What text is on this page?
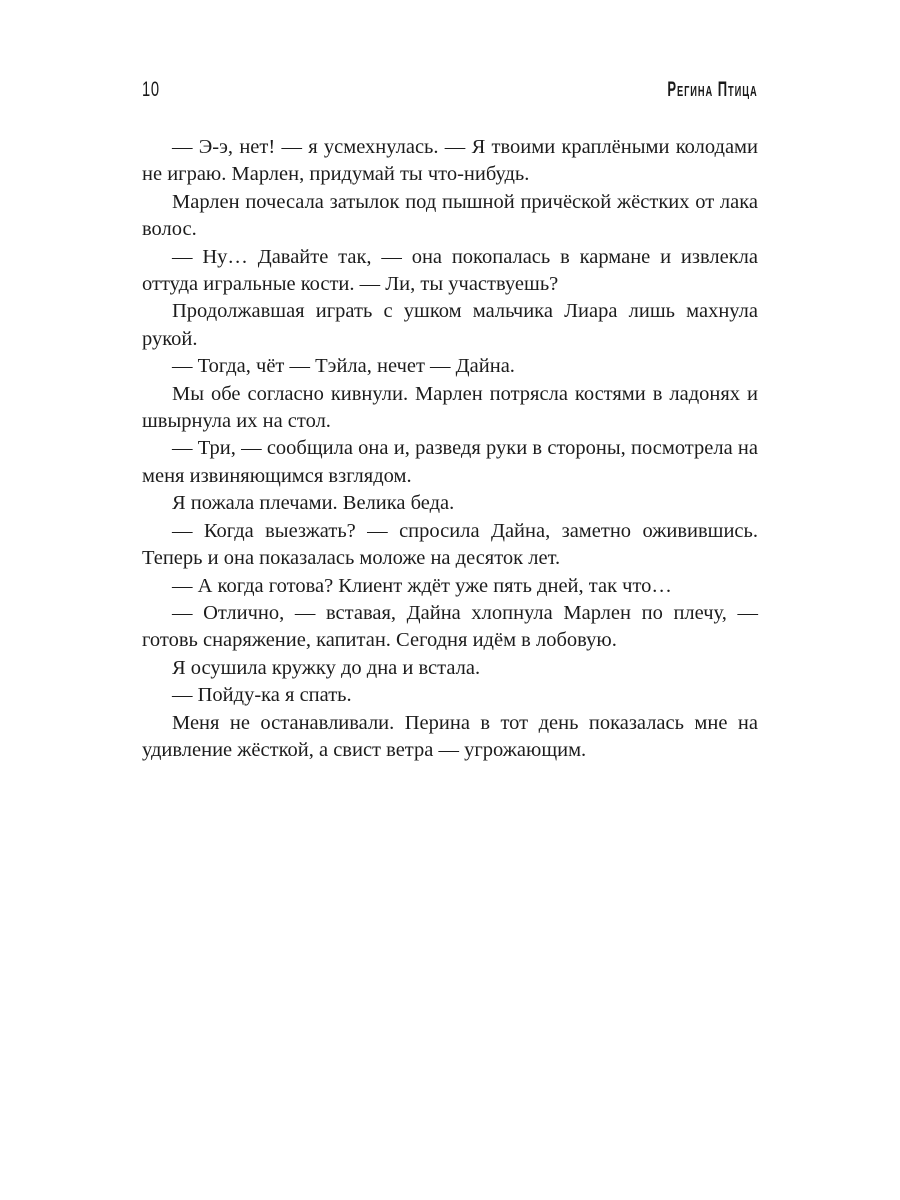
10	Регина Птица

— Э-э, нет! — я усмехнулась. — Я твоими краплёными колодами не играю. Марлен, придумай ты что-нибудь.

Марлен почесала затылок под пышной причёской жёстких от лака волос.

— Ну… Давайте так, — она покопалась в кармане и извлекла оттуда игральные кости. — Ли, ты участвуешь?

Продолжавшая играть с ушком мальчика Лиара лишь махнула рукой.

— Тогда, чёт — Тэйла, нечет — Дайна.

Мы обе согласно кивнули. Марлен потрясла костями в ладонях и швырнула их на стол.

— Три, — сообщила она и, разведя руки в стороны, посмотрела на меня извиняющимся взглядом.

Я пожала плечами. Велика беда.

— Когда выезжать? — спросила Дайна, заметно оживившись. Теперь и она показалась моложе на десяток лет.

— А когда готова? Клиент ждёт уже пять дней, так что…

— Отлично, — вставая, Дайна хлопнула Марлен по плечу, — готовь снаряжение, капитан. Сегодня идём в лобовую.

Я осушила кружку до дна и встала.

— Пойду-ка я спать.

Меня не останавливали. Перина в тот день показалась мне на удивление жёсткой, а свист ветра — угрожающим.
